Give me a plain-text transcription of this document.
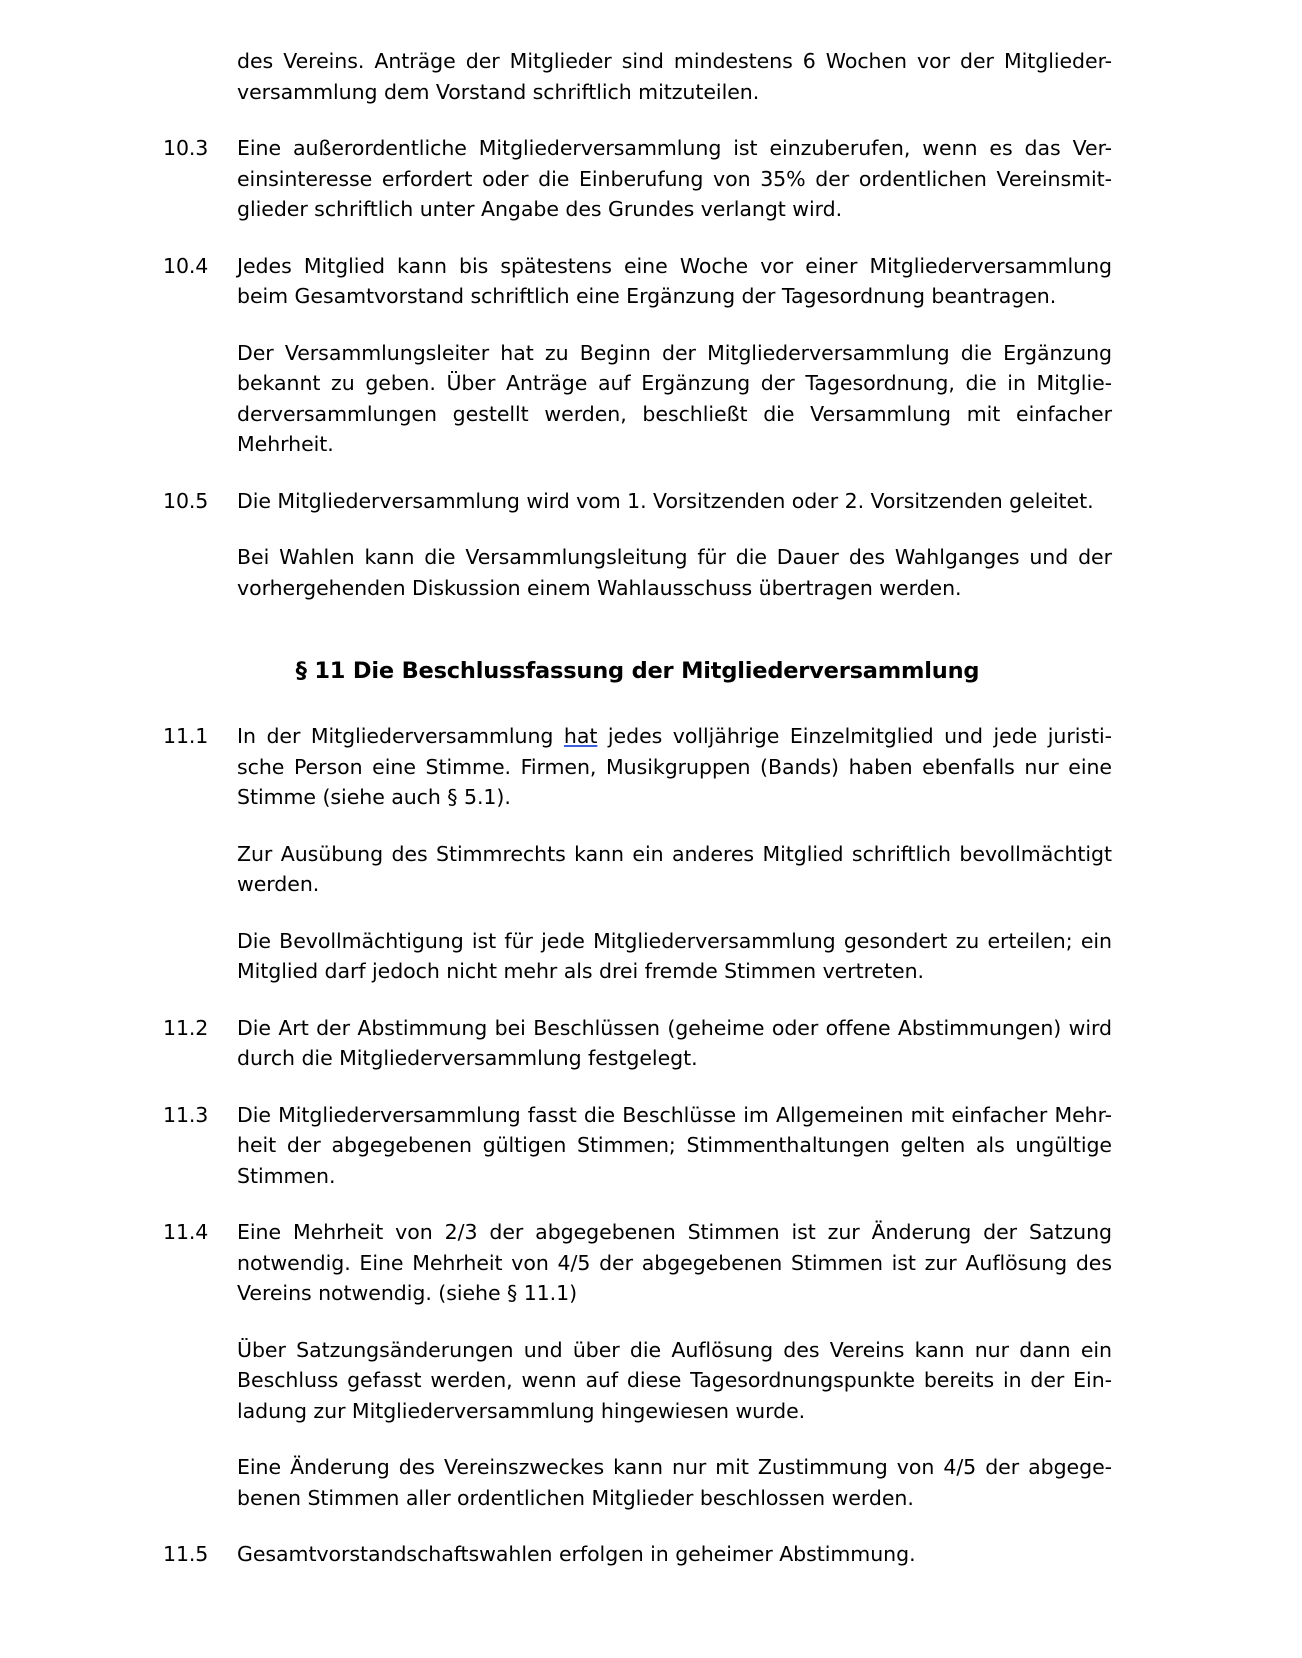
des Vereins. Anträge der Mitglieder sind mindestens 6 Wochen vor der Mitglieder-versammlung dem Vorstand schriftlich mitzuteilen.
10.3	Eine außerordentliche Mitgliederversammlung ist einzuberufen, wenn es das Ver-einsinteresse erfordert oder die Einberufung von 35% der ordentlichen Vereinsmit-glieder schriftlich unter Angabe des Grundes verlangt wird.
10.4	Jedes Mitglied kann bis spätestens eine Woche vor einer Mitgliederversammlung beim Gesamtvorstand schriftlich eine Ergänzung der Tagesordnung beantragen.
Der Versammlungsleiter hat zu Beginn der Mitgliederversammlung die Ergänzung bekannt zu geben. Über Anträge auf Ergänzung der Tagesordnung, die in Mitglie-derversammlungen gestellt werden, beschließt die Versammlung mit einfacher Mehrheit.
10.5	Die Mitgliederversammlung wird vom 1. Vorsitzenden oder 2. Vorsitzenden geleitet.
Bei Wahlen kann die Versammlungsleitung für die Dauer des Wahlganges und der vorhergehenden Diskussion einem Wahlausschuss übertragen werden.
§ 11 Die Beschlussfassung der Mitgliederversammlung
11.1	In der Mitgliederversammlung hat jedes volljährige Einzelmitglied und jede juristi-sche Person eine Stimme. Firmen, Musikgruppen (Bands) haben ebenfalls nur eine Stimme (siehe auch § 5.1).
Zur Ausübung des Stimmrechts kann ein anderes Mitglied schriftlich bevollmächtigt werden.
Die Bevollmächtigung ist für jede Mitgliederversammlung gesondert zu erteilen; ein Mitglied darf jedoch nicht mehr als drei fremde Stimmen vertreten.
11.2	Die Art der Abstimmung bei Beschlüssen (geheime oder offene Abstimmungen) wird durch die Mitgliederversammlung festgelegt.
11.3	Die Mitgliederversammlung fasst die Beschlüsse im Allgemeinen mit einfacher Mehr-heit der abgegebenen gültigen Stimmen; Stimmenthaltungen gelten als ungültige Stimmen.
11.4	Eine Mehrheit von 2/3 der abgegebenen Stimmen ist zur Änderung der Satzung notwendig. Eine Mehrheit von 4/5 der abgegebenen Stimmen ist zur Auflösung des Vereins notwendig. (siehe § 11.1)
Über Satzungsänderungen und über die Auflösung des Vereins kann nur dann ein Beschluss gefasst werden, wenn auf diese Tagesordnungspunkte bereits in der Ein-ladung zur Mitgliederversammlung hingewiesen wurde.
Eine Änderung des Vereinszweckes kann nur mit Zustimmung von 4/5 der abgege-benen Stimmen aller ordentlichen Mitglieder beschlossen werden.
11.5	Gesamtvorstandschaftswahlen erfolgen in geheimer Abstimmung.
